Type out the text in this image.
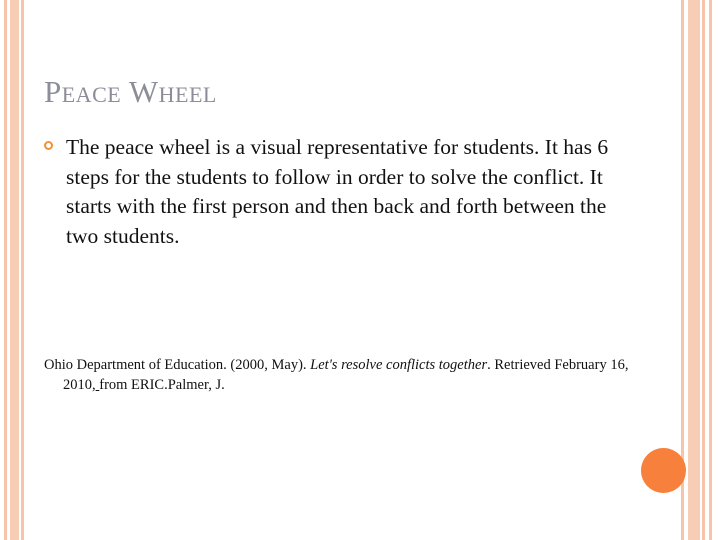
Peace Wheel
The peace wheel is a visual representative for students. It has 6 steps for the students to follow in order to solve the conflict. It starts with the first person and then back and forth between the two students.
Ohio Department of Education. (2000, May). Let's resolve conflicts together. Retrieved February 16, 2010, from ERIC.Palmer, J.
